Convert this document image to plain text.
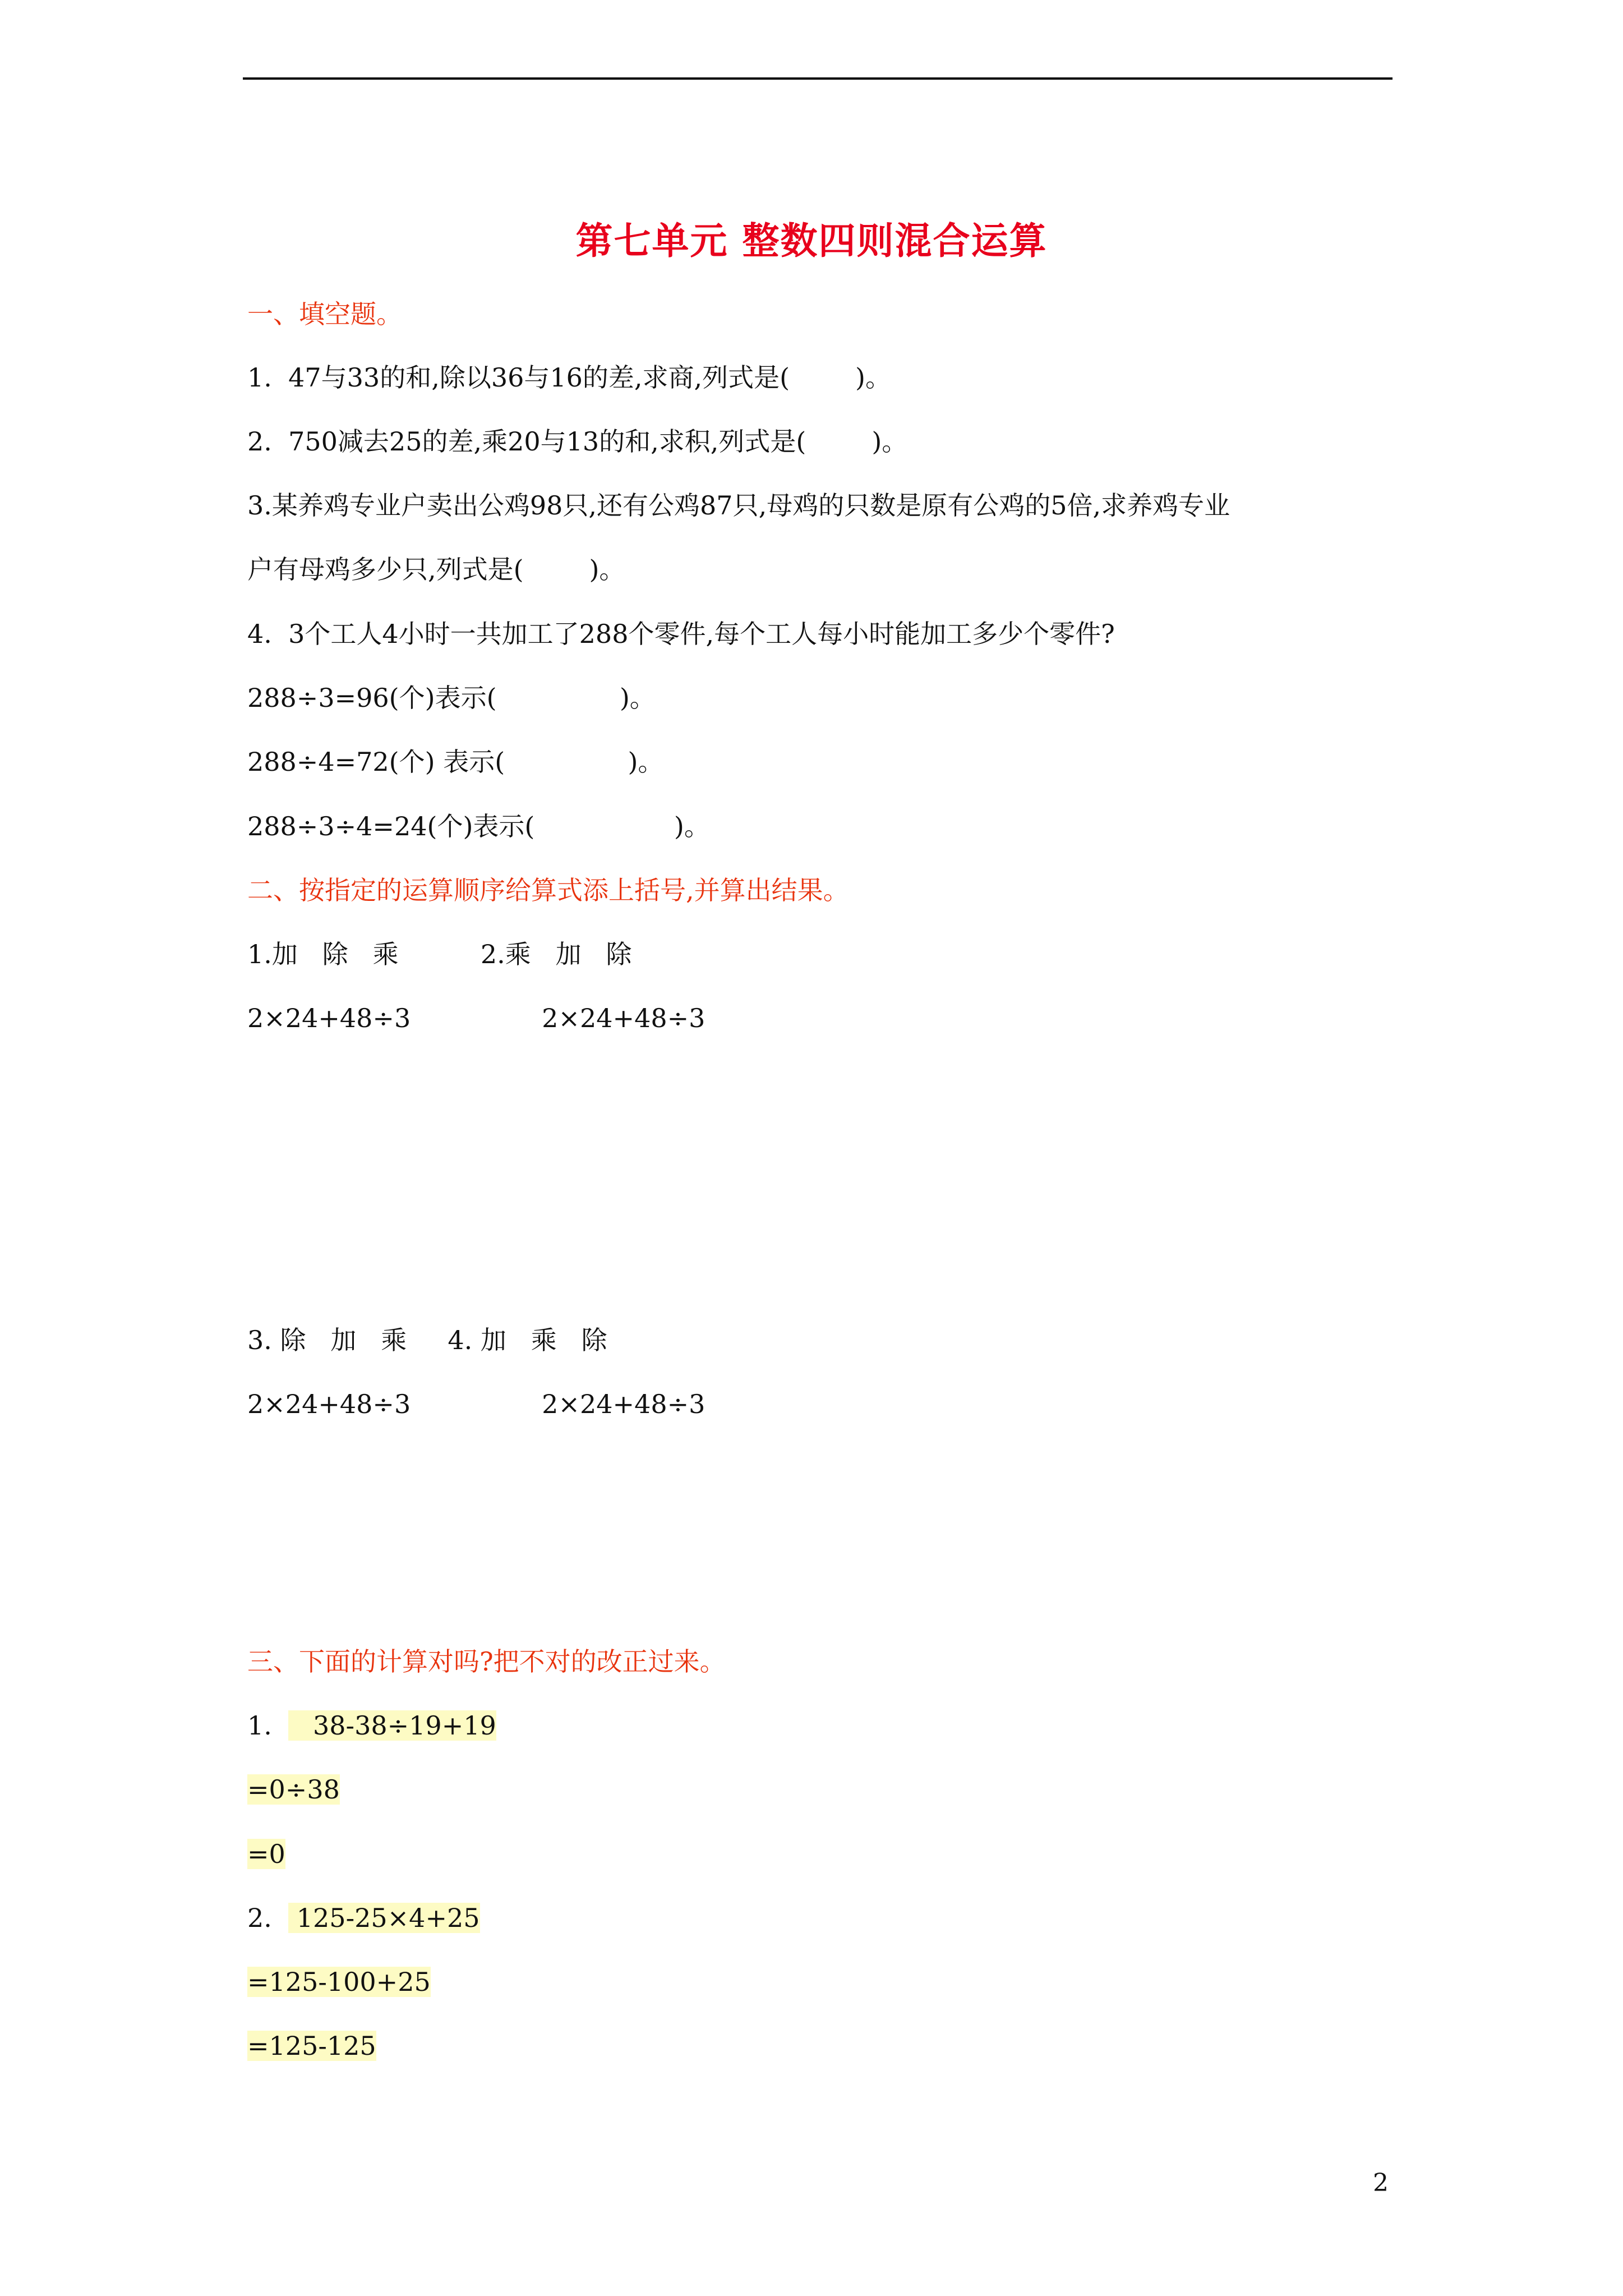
第七单元 整数四则混合运算
一、填空题。
1.  47与33的和,除以36与16的差,求商,列式是(        )。
2.  750减去25的差,乘20与13的和,求积,列式是(        )。
3.某养鸡专业户卖出公鸡98只,还有公鸡87只,母鸡的只数是原有公鸡的5倍,求养鸡专业
户有母鸡多少只,列式是(        )。
4.  3个工人4小时一共加工了288个零件,每个工人每小时能加工多少个零件?
288÷3=96(个)表示(               )。
288÷4=72(个) 表示(               )。
288÷3÷4=24(个)表示(                 )。
二、按指定的运算顺序给算式添上括号,并算出结果。
1.加   除   乘          2.乘   加   除
2×24+48÷3                2×24+48÷3
3. 除   加   乘     4. 加   乘   除
2×24+48÷3                2×24+48÷3
三、下面的计算对吗?把不对的改正过来。
1.     38-38÷19+19
=0÷38
=0
2.   125-25×4+25
=125-100+25
=125-125
2
